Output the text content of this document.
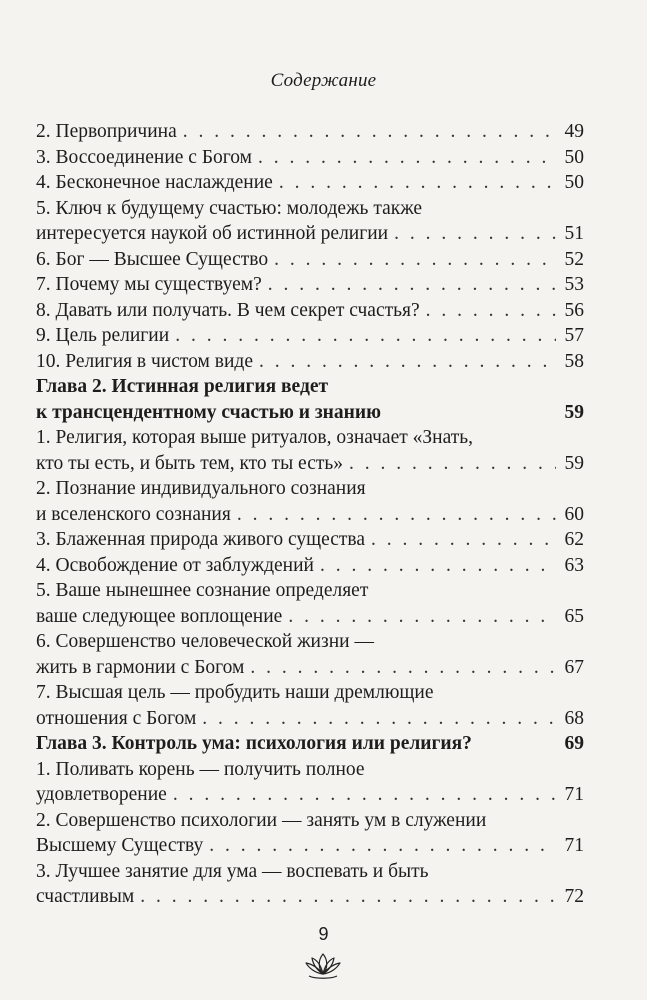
Содержание
2. Первопричина . . .	49
3. Воссоединение с Богом . . .	50
4. Бесконечное наслаждение . . .	50
5. Ключ к будущему счастью: молодежь также
интересуется наукой об истинной религии . . .	51
6. Бог — Высшее Существо . . .	52
7. Почему мы существуем? . . .	53
8. Давать или получать. В чем секрет счастья? . . .	56
9. Цель религии . . .	57
10. Религия в чистом виде . . .	58
Глава 2. Истинная религия ведет
к трансцендентному счастью и знанию	59
1. Религия, которая выше ритуалов, означает «Знать,
кто ты есть, и быть тем, кто ты есть» . . .	59
2. Познание индивидуального сознания
и вселенского сознания . . .	60
3. Блаженная природа живого существа . . .	62
4. Освобождение от заблуждений . . .	63
5. Ваше нынешнее сознание определяет
ваше следующее воплощение . . .	65
6. Совершенство человеческой жизни —
жить в гармонии с Богом . . .	67
7. Высшая цель — пробудить наши дремлющие
отношения с Богом . . .	68
Глава 3. Контроль ума: психология или религия?	69
1. Поливать корень — получить полное
удовлетворение . . .	71
2. Совершенство психологии — занять ум в служении
Высшему Существу . . .	71
3. Лучшее занятие для ума — воспевать и быть
счастливым . . .	72
9
